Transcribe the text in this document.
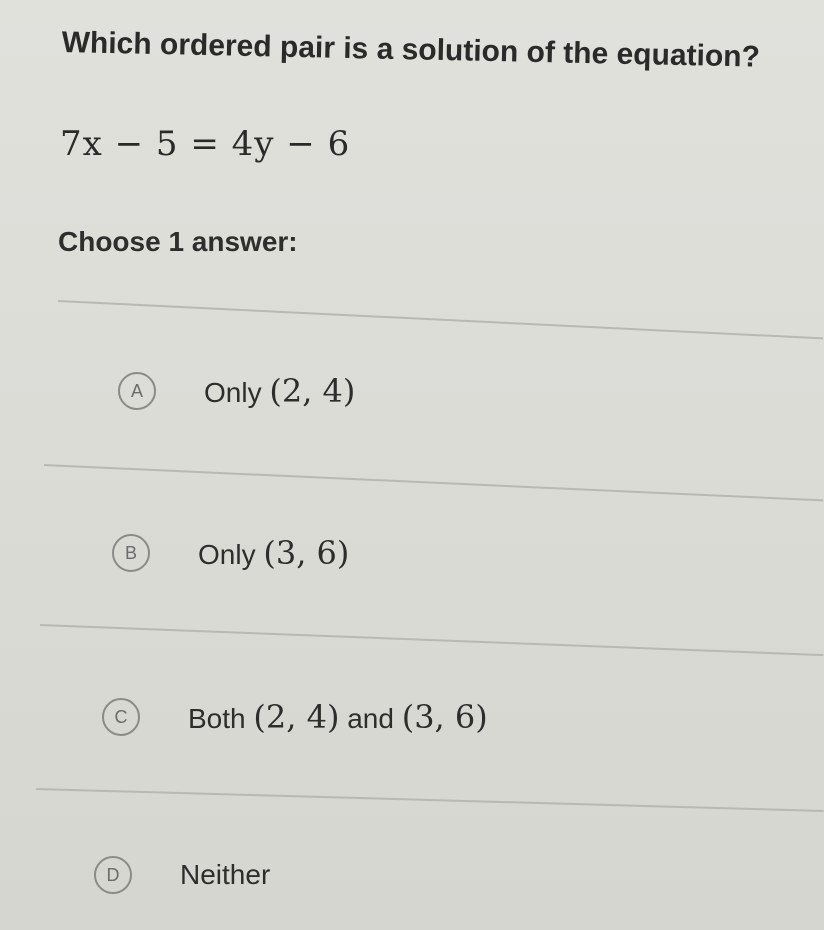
Which ordered pair is a solution of the equation?
7x − 5 = 4y − 6
Choose 1 answer:
A	Only (2, 4)
B	Only (3, 6)
C	Both (2, 4) and (3, 6)
D	Neither
